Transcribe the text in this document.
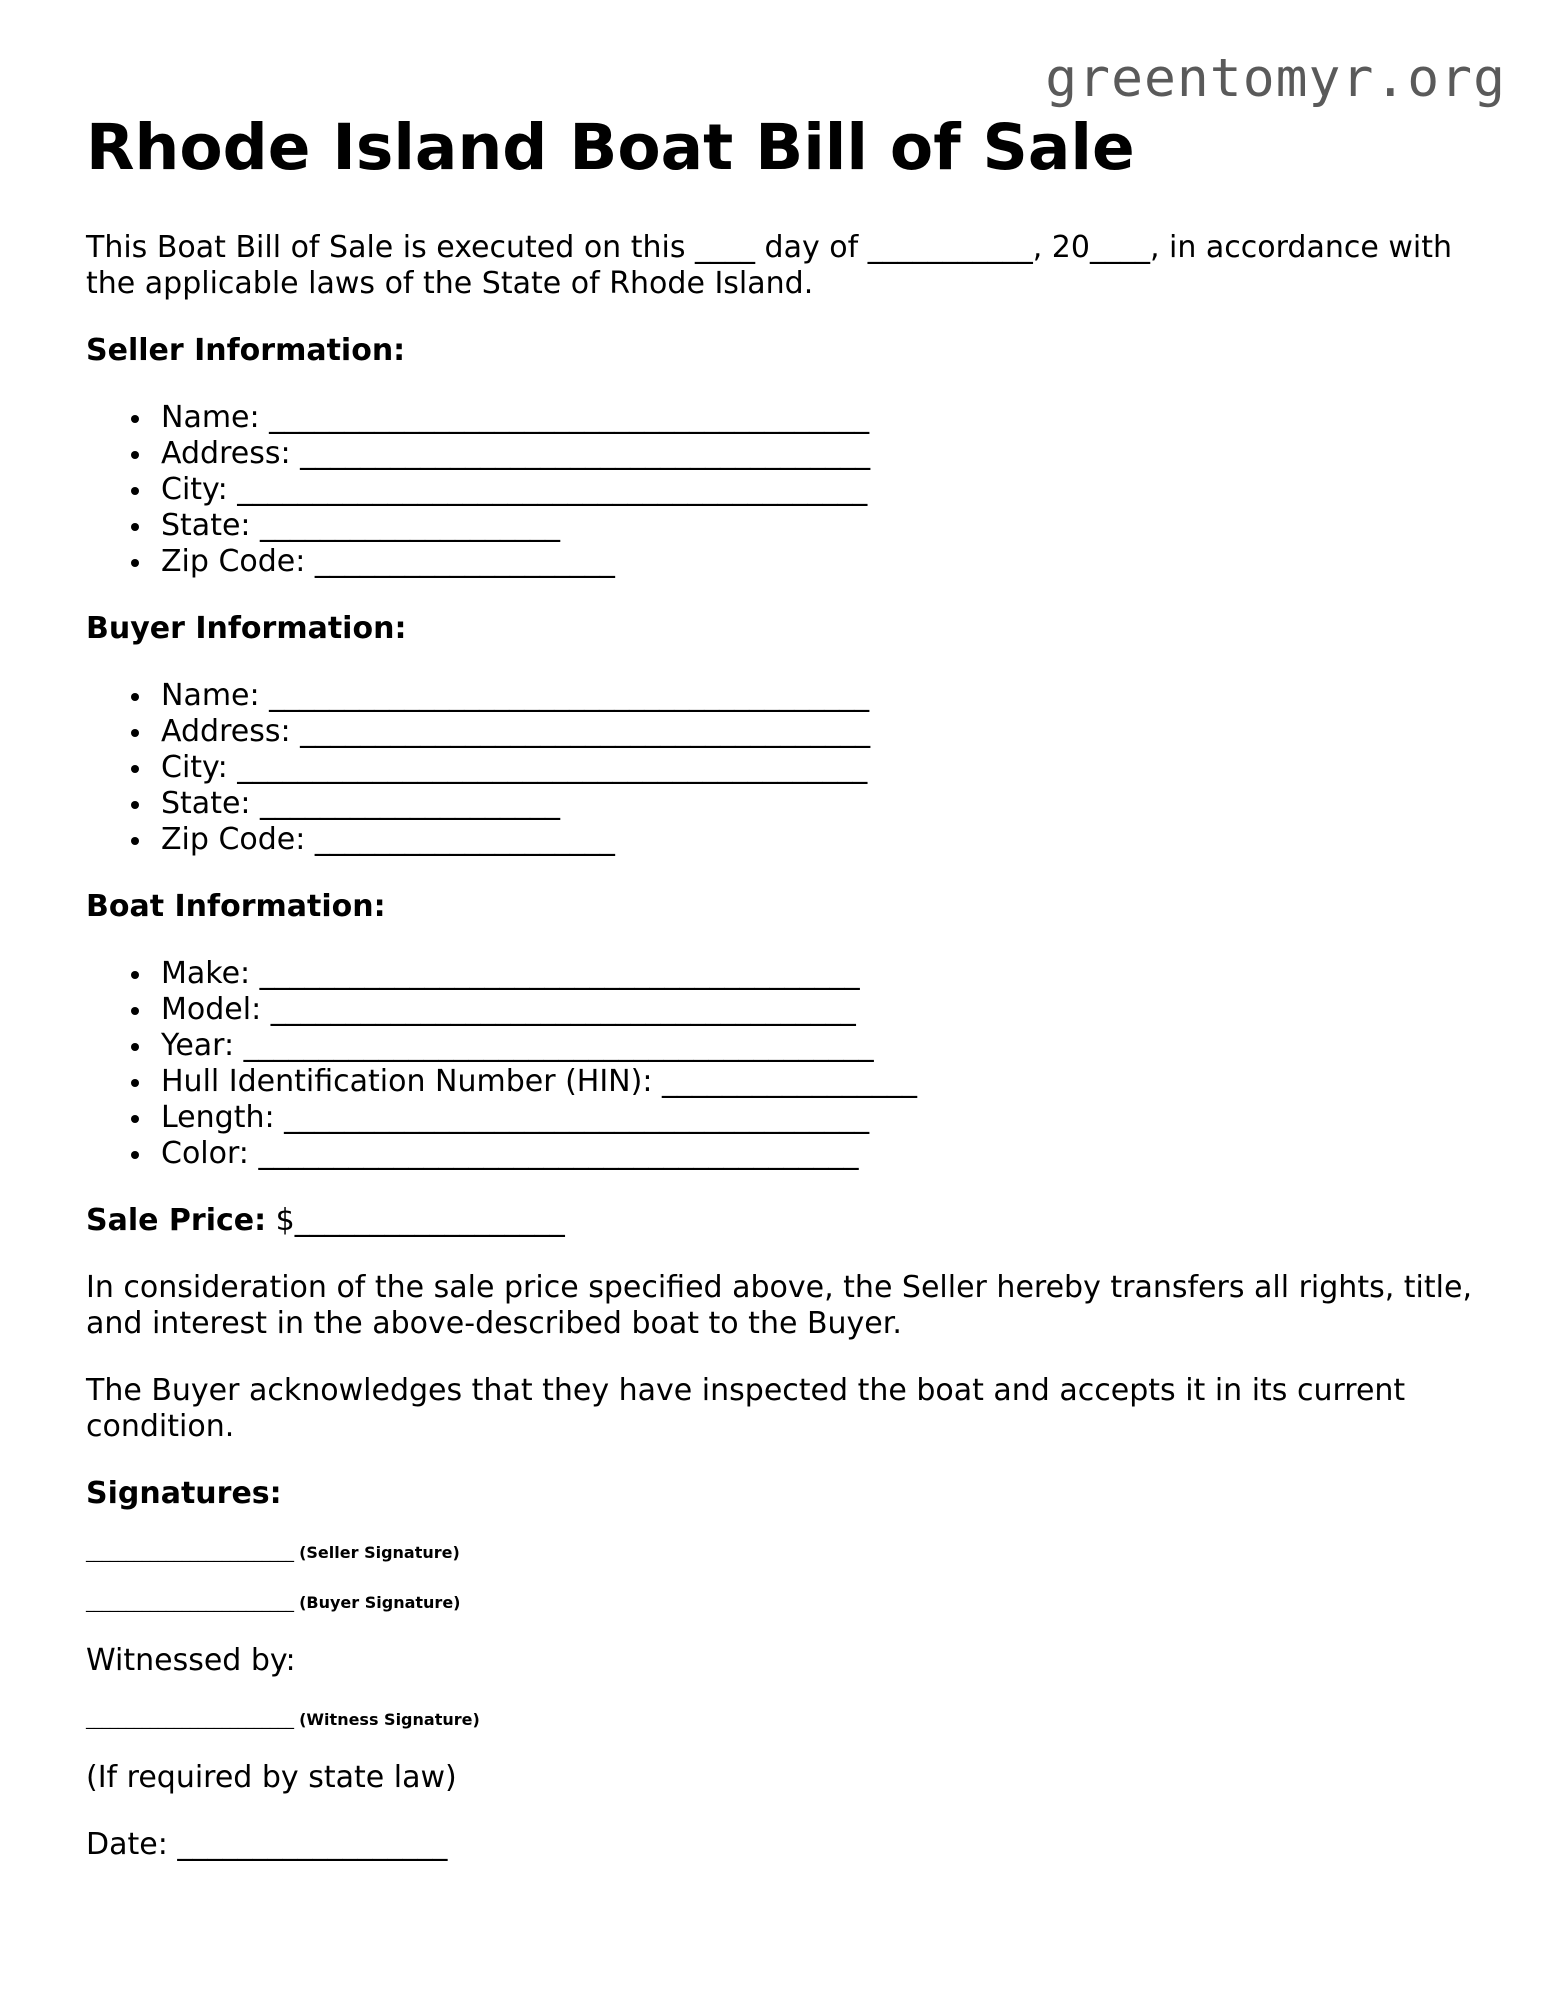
greentomyr.org
Rhode Island Boat Bill of Sale

This Boat Bill of Sale is executed on this ____ day of ___________, 20____, in accordance with the applicable laws of the State of Rhode Island.

Seller Information:
Name: ________________________________________
Address: ______________________________________
City: __________________________________________
State: ____________________
Zip Code: ____________________
Buyer Information:
Name: ________________________________________
Address: ______________________________________
City: __________________________________________
State: ____________________
Zip Code: ____________________
Boat Information:
Make: ________________________________________
Model: _______________________________________
Year: __________________________________________
Hull Identification Number (HIN): _________________
Length: _______________________________________
Color: ________________________________________

Sale Price: $__________________

In consideration of the sale price specified above, the Seller hereby transfers all rights, title, and interest in the above-described boat to the Buyer.

The Buyer acknowledges that they have inspected the boat and accepts it in its current condition.

Signatures:
__________________________ (Seller Signature)
__________________________ (Buyer Signature)

Witnessed by:

__________________________ (Witness Signature)

(If required by state law)

Date: __________________
